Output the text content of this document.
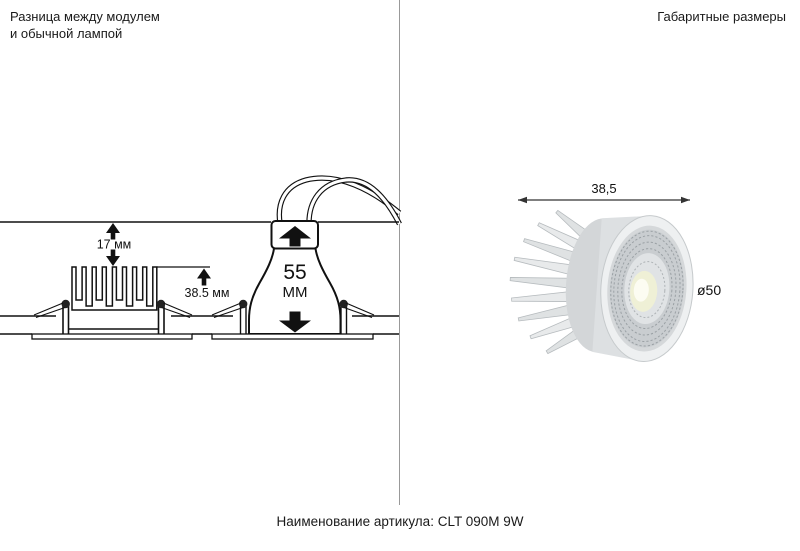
Разница между модулем
и обычной лампой
Габаритные размеры
55
ММ
17 мм
38.5 мм
38,5
ø50
Наименование артикула: CLT 090M 9W
